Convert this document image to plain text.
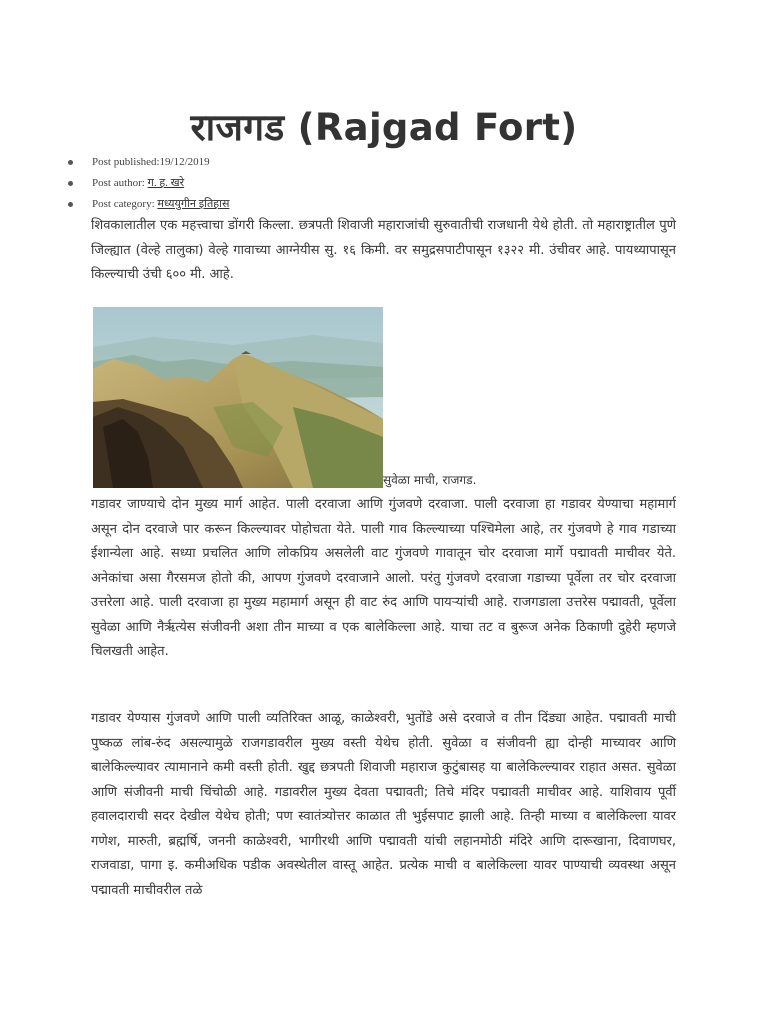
राजगड (Rajgad Fort)
Post published:19/12/2019
Post author: ग. ह. खरे
Post category: मध्ययुगीन इतिहास

शिवकालातील एक महत्त्वाचा डोंगरी किल्ला. छत्रपती शिवाजी महाराजांची सुरुवातीची राजधानी येथे होती. तो महाराष्ट्रातील पुणे जिल्ह्यात (वेल्हे तालुका) वेल्हे गावाच्या आग्नेयीस सु. १६ किमी. वर समुद्रसपाटीपासून १३२२ मी. उंचीवर आहे. पायथ्यापासून किल्ल्याची उंची ६०० मी. आहे.

सुवेळा माची, राजगड.

गडावर जाण्याचे दोन मुख्य मार्ग आहेत. पाली दरवाजा आणि गुंजवणे दरवाजा. पाली दरवाजा हा गडावर येण्याचा महामार्ग असून दोन दरवाजे पार करून किल्ल्यावर पोहोचता येते. पाली गाव किल्ल्याच्या पश्चिमेला आहे, तर गुंजवणे हे गाव गडाच्या ईशान्येला आहे. सध्या प्रचलित आणि लोकप्रिय असलेली वाट गुंजवणे गावातून चोर दरवाजा मार्गे पद्मावती माचीवर येते. अनेकांचा असा गैरसमज होतो की, आपण गुंजवणे दरवाजाने आलो. परंतु गुंजवणे दरवाजा गडाच्या पूर्वेला तर चोर दरवाजा उत्तरेला आहे. पाली दरवाजा हा मुख्य महामार्ग असून ही वाट रुंद आणि पायऱ्यांची आहे. राजगडाला उत्तरेस पद्मावती, पूर्वेला सुवेळा आणि नैर्ऋत्येस संजीवनी अशा तीन माच्या व एक बालेकिल्ला आहे. याचा तट व बुरूज अनेक ठिकाणी दुहेरी म्हणजे चिलखती आहेत.

गडावर येण्यास गुंजवणे आणि पाली व्यतिरिक्त आळू, काळेश्वरी, भुतोंडे असे दरवाजे व तीन दिंड्या आहेत. पद्मावती माची पुष्कळ लांब-रुंद असल्यामुळे राजगडावरील मुख्य वस्ती येथेच होती. सुवेळा व संजीवनी ह्या दोन्ही माच्यावर आणि बालेकिल्ल्यावर त्यामानाने कमी वस्ती होती. खुद्द छत्रपती शिवाजी महाराज कुटुंबासह या बालेकिल्ल्यावर राहात असत. सुवेळा आणि संजीवनी माची चिंचोळी आहे. गडावरील मुख्य देवता पद्मावती; तिचे मंदिर पद्मावती माचीवर आहे. याशिवाय पूर्वी हवालदाराची सदर देखील येथेच होती; पण स्वातंत्र्योत्तर काळात ती भुईसपाट झाली आहे. तिन्ही माच्या व बालेकिल्ला यावर गणेश, मारुती, ब्रह्मर्षि, जननी काळेश्वरी, भागीरथी आणि पद्मावती यांची लहानमोठी मंदिरे आणि दारूखाना, दिवाणघर, राजवाडा, पागा इ. कमीअधिक पडीक अवस्थेतील वास्तू आहेत. प्रत्येक माची व बालेकिल्ला यावर पाण्याची व्यवस्था असून पद्मावती माचीवरील तळे
